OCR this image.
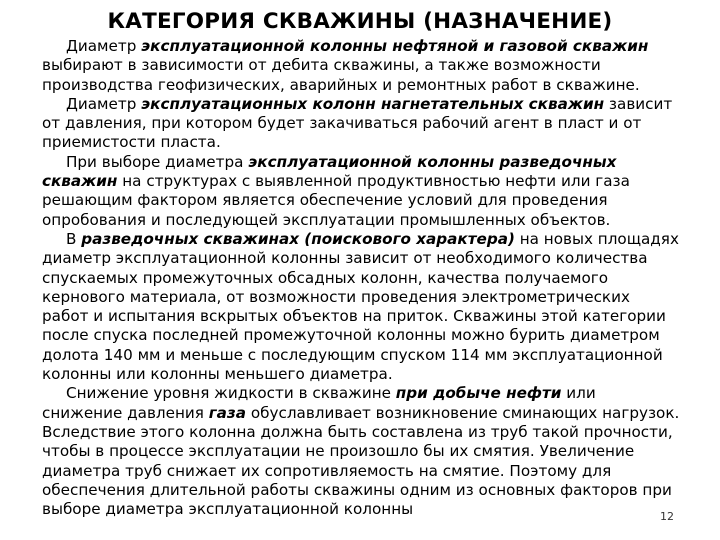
КАТЕГОРИЯ СКВАЖИНЫ (НАЗНАЧЕНИЕ)

Диаметр эксплуатационной колонны нефтяной и газовой скважин выбирают в зависимости от дебита скважины, а также возможности производства геофизических, аварийных и ремонтных работ в скважине.

Диаметр эксплуатационных колонн нагнетательных скважин зависит от давления, при котором будет закачиваться рабочий агент в пласт и от приемистости пласта.

При выборе диаметра эксплуатационной колонны разведочных скважин на структурах с выявленной продуктивностью нефти или газа решающим фактором является обеспечение условий для проведения опробования и последующей эксплуатации промышленных объектов.

В разведочных скважинах (поискового характера) на новых площадях диаметр эксплуатационной колонны зависит от необходимого количества спускаемых промежуточных обсадных колонн, качества получаемого кернового материала, от возможности проведения электрометрических работ и испытания вскрытых объектов на приток. Скважины этой категории после спуска последней промежуточной колонны можно бурить диаметром долота 140 мм и меньше с последующим спуском 114 мм эксплуатационной колонны или колонны меньшего диаметра.

Снижение уровня жидкости в скважине при добыче нефти или снижение давления газа обуславливает возникновение сминающих нагрузок. Вследствие этого колонна должна быть составлена из труб такой прочности, чтобы в процессе эксплуатации не произошло бы их смятия. Увеличение диаметра труб снижает их сопротивляемость на смятие. Поэтому для обеспечения длительной работы скважины одним из основных факторов при выборе диаметра эксплуатационной колонны	12
